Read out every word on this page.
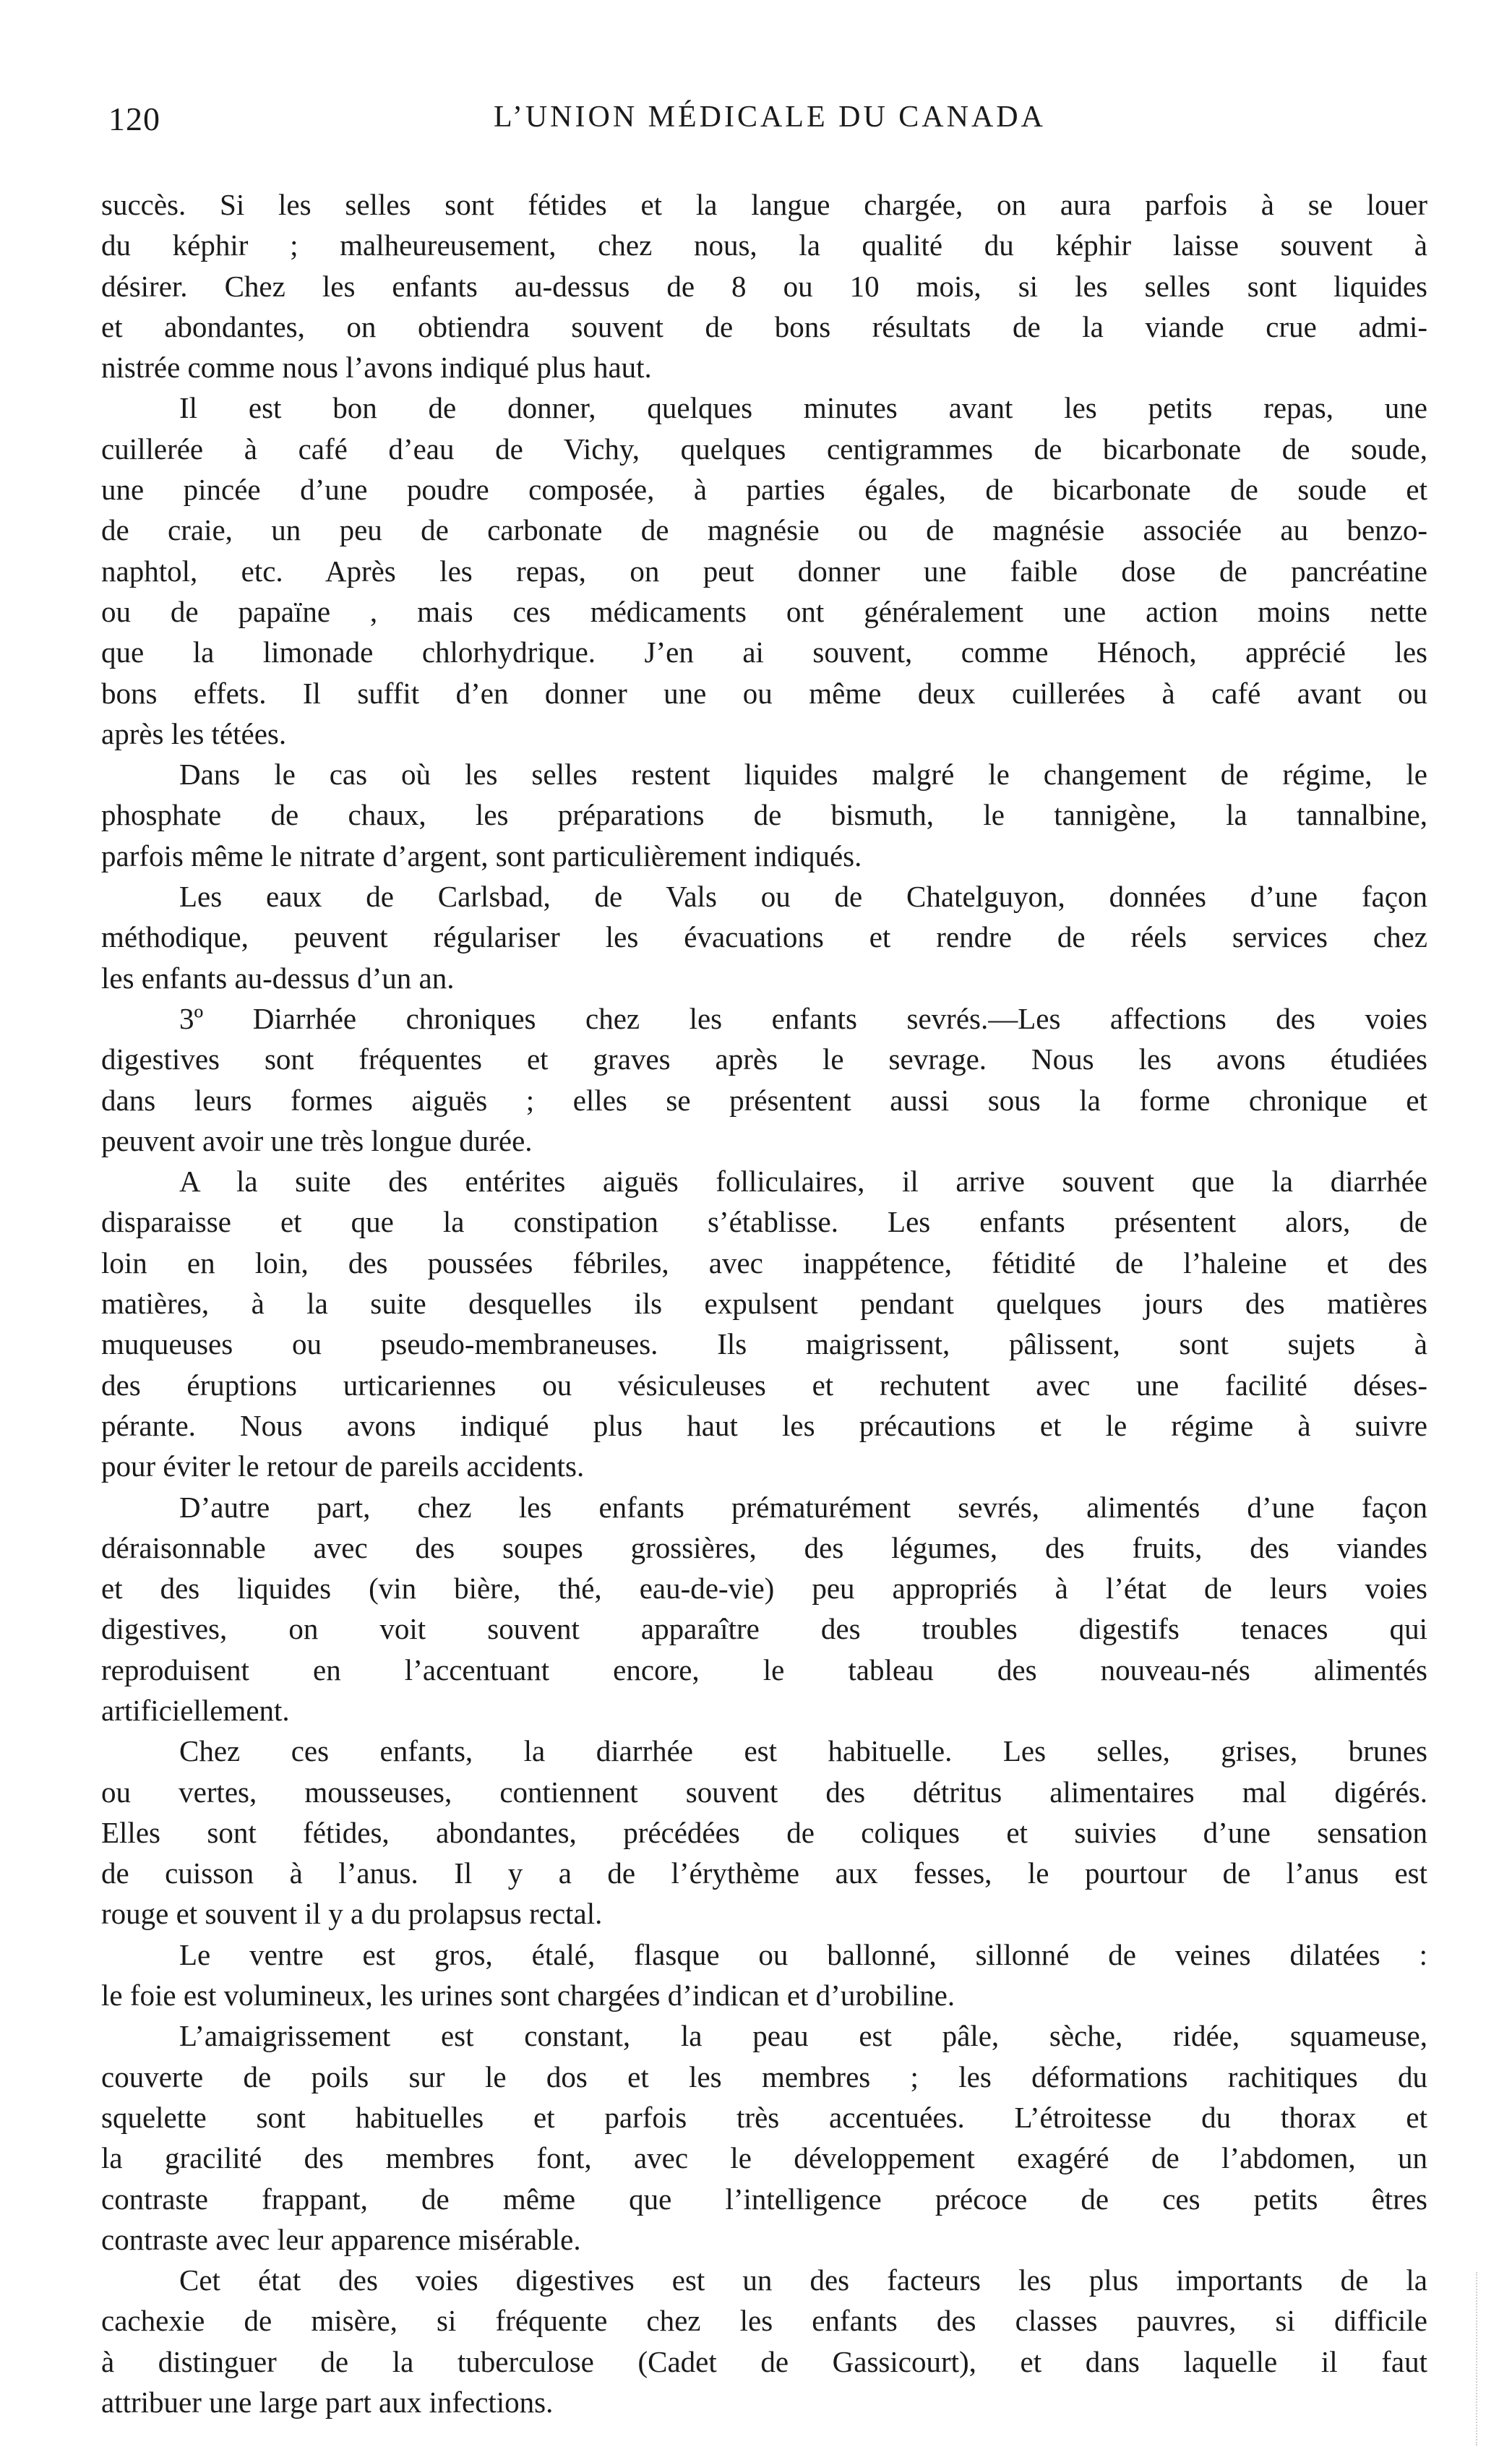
120	L’UNION MÉDICALE DU CANADA
succès. Si les selles sont fétides et la langue chargée, on aura parfois à se louer
du képhir ; malheureusement, chez nous, la qualité du képhir laisse souvent à
désirer. Chez les enfants au-dessus de 8 ou 10 mois, si les selles sont liquides
et abondantes, on obtiendra souvent de bons résultats de la viande crue admi-
nistrée comme nous l’avons indiqué plus haut.
Il est bon de donner, quelques minutes avant les petits repas, une
cuillerée à café d’eau de Vichy, quelques centigrammes de bicarbonate de soude,
une pincée d’une poudre composée, à parties égales, de bicarbonate de soude et
de craie, un peu de carbonate de magnésie ou de magnésie associée au benzo-
naphtol, etc. Après les repas, on peut donner une faible dose de pancréatine
ou de papaïne , mais ces médicaments ont généralement une action moins nette
que la limonade chlorhydrique. J’en ai souvent, comme Hénoch, apprécié les
bons effets. Il suffit d’en donner une ou même deux cuillerées à café avant ou
après les tétées.
Dans le cas où les selles restent liquides malgré le changement de régime, le
phosphate de chaux, les préparations de bismuth, le tannigène, la tannalbine,
parfois même le nitrate d’argent, sont particulièrement indiqués.
Les eaux de Carlsbad, de Vals ou de Chatelguyon, données d’une façon
méthodique, peuvent régulariser les évacuations et rendre de réels services chez
les enfants au-dessus d’un an.
3º Diarrhée chroniques chez les enfants sevrés.—Les affections des voies
digestives sont fréquentes et graves après le sevrage. Nous les avons étudiées
dans leurs formes aiguës ; elles se présentent aussi sous la forme chronique et
peuvent avoir une très longue durée.
A la suite des entérites aiguës folliculaires, il arrive souvent que la diarrhée
disparaisse et que la constipation s’établisse. Les enfants présentent alors, de
loin en loin, des poussées fébriles, avec inappétence, fétidité de l’haleine et des
matières, à la suite desquelles ils expulsent pendant quelques jours des matières
muqueuses ou pseudo-membraneuses. Ils maigrissent, pâlissent, sont sujets à
des éruptions urticariennes ou vésiculeuses et rechutent avec une facilité déses-
pérante. Nous avons indiqué plus haut les précautions et le régime à suivre
pour éviter le retour de pareils accidents.
D’autre part, chez les enfants prématurément sevrés, alimentés d’une façon
déraisonnable avec des soupes grossières, des légumes, des fruits, des viandes
et des liquides (vin bière, thé, eau-de-vie) peu appropriés à l’état de leurs voies
digestives, on voit souvent apparaître des troubles digestifs tenaces qui
reproduisent en l’accentuant encore, le tableau des nouveau-nés alimentés
artificiellement.
Chez ces enfants, la diarrhée est habituelle. Les selles, grises, brunes
ou vertes, mousseuses, contiennent souvent des détritus alimentaires mal digérés.
Elles sont fétides, abondantes, précédées de coliques et suivies d’une sensation
de cuisson à l’anus. Il y a de l’érythème aux fesses, le pourtour de l’anus est
rouge et souvent il y a du prolapsus rectal.
Le ventre est gros, étalé, flasque ou ballonné, sillonné de veines dilatées :
le foie est volumineux, les urines sont chargées d’indican et d’urobiline.
L’amaigrissement est constant, la peau est pâle, sèche, ridée, squameuse,
couverte de poils sur le dos et les membres ; les déformations rachitiques du
squelette sont habituelles et parfois très accentuées. L’étroitesse du thorax et
la gracilité des membres font, avec le développement exagéré de l’abdomen, un
contraste frappant, de même que l’intelligence précoce de ces petits êtres
contraste avec leur apparence misérable.
Cet état des voies digestives est un des facteurs les plus importants de la
cachexie de misère, si fréquente chez les enfants des classes pauvres, si difficile
à distinguer de la tuberculose (Cadet de Gassicourt), et dans laquelle il faut
attribuer une large part aux infections.
